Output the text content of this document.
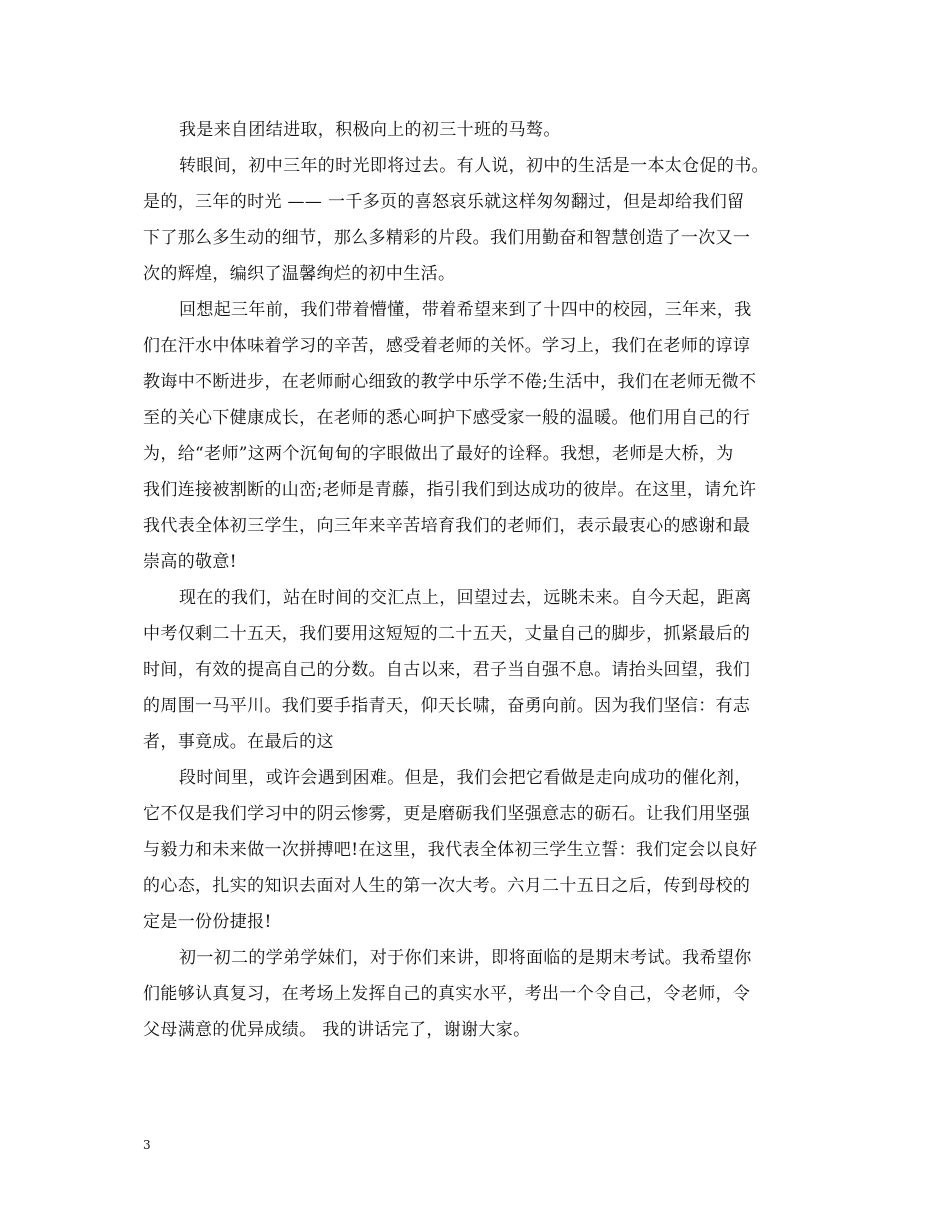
我是来自团结进取，积极向上的初三十班的马骜。
转眼间，初中三年的时光即将过去。有人说，初中的生活是一本太仓促的书。
是的，三年的时光 —— 一千多页的喜怒哀乐就这样匆匆翻过，但是却给我们留
下了那么多生动的细节，那么多精彩的片段。我们用勤奋和智慧创造了一次又一
次的辉煌，编织了温馨绚烂的初中生活。
回想起三年前，我们带着懵懂，带着希望来到了十四中的校园，三年来，我
们在汗水中体味着学习的辛苦，感受着老师的关怀。学习上，我们在老师的谆谆
教诲中不断进步，在老师耐心细致的教学中乐学不倦;生活中，我们在老师无微不
至的关心下健康成长，在老师的悉心呵护下感受家一般的温暖。他们用自己的行
为，给“老师”这两个沉甸甸的字眼做出了最好的诠释。我想，老师是大桥，为
我们连接被割断的山峦;老师是青藤，指引我们到达成功的彼岸。在这里，请允许
我代表全体初三学生，向三年来辛苦培育我们的老师们，表示最衷心的感谢和最
崇高的敬意!
现在的我们，站在时间的交汇点上，回望过去，远眺未来。自今天起，距离
中考仅剩二十五天，我们要用这短短的二十五天，丈量自己的脚步，抓紧最后的
时间，有效的提高自己的分数。自古以来，君子当自强不息。请抬头回望，我们
的周围一马平川。我们要手指青天，仰天长啸，奋勇向前。因为我们坚信：有志
者，事竟成。在最后的这
段时间里，或许会遇到困难。但是，我们会把它看做是走向成功的催化剂，
它不仅是我们学习中的阴云惨雾，更是磨砺我们坚强意志的砺石。让我们用坚强
与毅力和未来做一次拼搏吧!在这里，我代表全体初三学生立誓：我们定会以良好
的心态，扎实的知识去面对人生的第一次大考。六月二十五日之后，传到母校的
定是一份份捷报!
初一初二的学弟学妹们，对于你们来讲，即将面临的是期末考试。我希望你
们能够认真复习，在考场上发挥自己的真实水平，考出一个令自己，令老师，令
父母满意的优异成绩。 我的讲话完了，谢谢大家。
3
